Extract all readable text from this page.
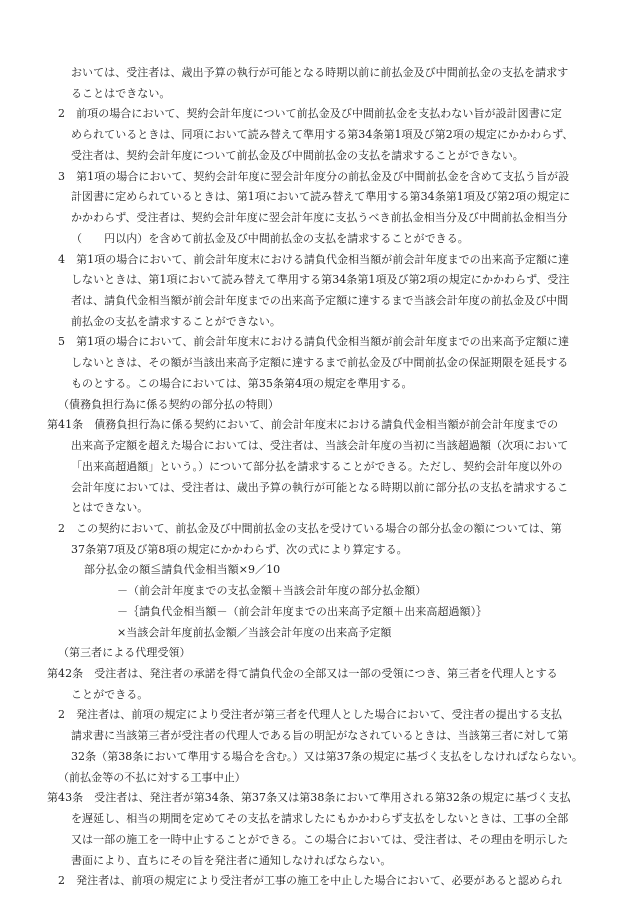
おいては、受注者は、歳出予算の執行が可能となる時期以前に前払金及び中間前払金の支払を請求す
ることはできない。
2　前項の場合において、契約会計年度について前払金及び中間前払金を支払わない旨が設計図書に定
められているときは、同項において読み替えて準用する第34条第1項及び第2項の規定にかかわらず、
受注者は、契約会計年度について前払金及び中間前払金の支払を請求することができない。
3　第1項の場合において、契約会計年度に翌会計年度分の前払金及び中間前払金を含めて支払う旨が設
計図書に定められているときは、第1項において読み替えて準用する第34条第1項及び第2項の規定に
かかわらず、受注者は、契約会計年度に翌会計年度に支払うべき前払金相当分及び中間前払金相当分
（　　円以内）を含めて前払金及び中間前払金の支払を請求することができる。
4　第1項の場合において、前会計年度末における請負代金相当額が前会計年度までの出来高予定額に達
しないときは、第1項において読み替えて準用する第34条第1項及び第2項の規定にかかわらず、受注
者は、請負代金相当額が前会計年度までの出来高予定額に達するまで当該会計年度の前払金及び中間
前払金の支払を請求することができない。
5　第1項の場合において、前会計年度末における請負代金相当額が前会計年度までの出来高予定額に達
しないときは、その額が当該出来高予定額に達するまで前払金及び中間前払金の保証期限を延長する
ものとする。この場合においては、第35条第4項の規定を準用する。
（債務負担行為に係る契約の部分払の特則）
第41条　債務負担行為に係る契約において、前会計年度末における請負代金相当額が前会計年度までの
出来高予定額を超えた場合においては、受注者は、当該会計年度の当初に当該超過額（次項において
「出来高超過額」という。）について部分払を請求することができる。ただし、契約会計年度以外の
会計年度においては、受注者は、歳出予算の執行が可能となる時期以前に部分払の支払を請求するこ
とはできない。
2　この契約において、前払金及び中間前払金の支払を受けている場合の部分払金の額については、第
37条第7項及び第8項の規定にかかわらず、次の式により算定する。
部分払金の額≦請負代金相当額×9／10
－（前会計年度までの支払金額＋当該会計年度の部分払金額）
－｛請負代金相当額－（前会計年度までの出来高予定額＋出来高超過額）｝
×当該会計年度前払金額／当該会計年度の出来高予定額
（第三者による代理受領）
第42条　受注者は、発注者の承諾を得て請負代金の全部又は一部の受領につき、第三者を代理人とする
ことができる。
2　発注者は、前項の規定により受注者が第三者を代理人とした場合において、受注者の提出する支払
請求書に当該第三者が受注者の代理人である旨の明記がなされているときは、当該第三者に対して第
32条（第38条において準用する場合を含む。）又は第37条の規定に基づく支払をしなければならない。
（前払金等の不払に対する工事中止）
第43条　受注者は、発注者が第34条、第37条又は第38条において準用される第32条の規定に基づく支払
を遅延し、相当の期間を定めてその支払を請求したにもかかわらず支払をしないときは、工事の全部
又は一部の施工を一時中止することができる。この場合においては、受注者は、その理由を明示した
書面により、直ちにその旨を発注者に通知しなければならない。
2　発注者は、前項の規定により受注者が工事の施工を中止した場合において、必要があると認められ
